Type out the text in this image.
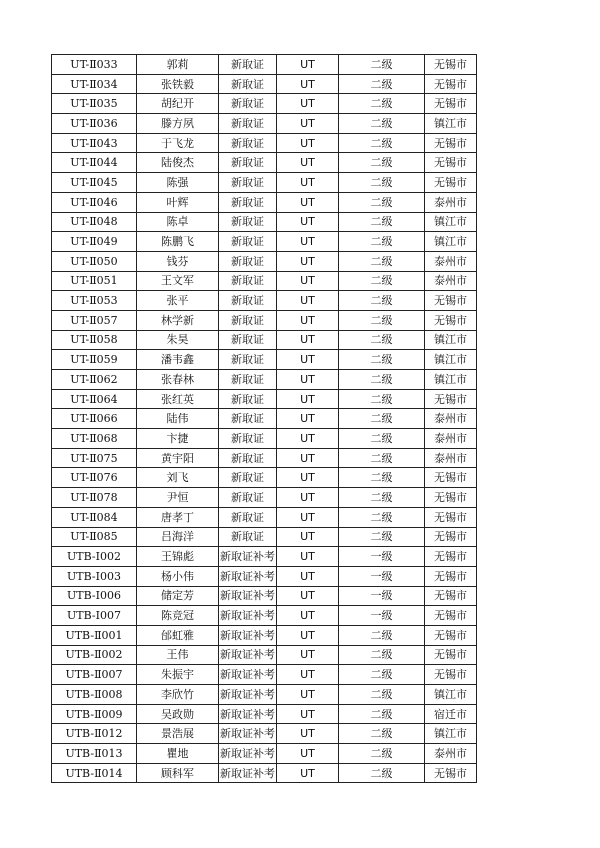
UT-Ⅱ033	郭莉	新取证	UT	二级	无锡市
UT-Ⅱ034	张铁毅	新取证	UT	二级	无锡市
UT-Ⅱ035	胡纪开	新取证	UT	二级	无锡市
UT-Ⅱ036	滕方夙	新取证	UT	二级	镇江市
UT-Ⅱ043	于飞龙	新取证	UT	二级	无锡市
UT-Ⅱ044	陆俊杰	新取证	UT	二级	无锡市
UT-Ⅱ045	陈强	新取证	UT	二级	无锡市
UT-Ⅱ046	叶辉	新取证	UT	二级	泰州市
UT-Ⅱ048	陈卓	新取证	UT	二级	镇江市
UT-Ⅱ049	陈鹏飞	新取证	UT	二级	镇江市
UT-Ⅱ050	钱芬	新取证	UT	二级	泰州市
UT-Ⅱ051	王文军	新取证	UT	二级	泰州市
UT-Ⅱ053	张平	新取证	UT	二级	无锡市
UT-Ⅱ057	林学新	新取证	UT	二级	无锡市
UT-Ⅱ058	朱昊	新取证	UT	二级	镇江市
UT-Ⅱ059	潘韦鑫	新取证	UT	二级	镇江市
UT-Ⅱ062	张春林	新取证	UT	二级	镇江市
UT-Ⅱ064	张红英	新取证	UT	二级	无锡市
UT-Ⅱ066	陆伟	新取证	UT	二级	泰州市
UT-Ⅱ068	卞捷	新取证	UT	二级	泰州市
UT-Ⅱ075	黄宇阳	新取证	UT	二级	泰州市
UT-Ⅱ076	刘飞	新取证	UT	二级	无锡市
UT-Ⅱ078	尹恒	新取证	UT	二级	无锡市
UT-Ⅱ084	唐孝丁	新取证	UT	二级	无锡市
UT-Ⅱ085	吕海洋	新取证	UT	二级	无锡市
UTB-Ⅰ002	王锦彪	新取证补考	UT	一级	无锡市
UTB-Ⅰ003	杨小伟	新取证补考	UT	一级	无锡市
UTB-Ⅰ006	储定芳	新取证补考	UT	一级	无锡市
UTB-Ⅰ007	陈竞冠	新取证补考	UT	一级	无锡市
UTB-Ⅱ001	邰虹雅	新取证补考	UT	二级	无锡市
UTB-Ⅱ002	王伟	新取证补考	UT	二级	无锡市
UTB-Ⅱ007	朱振宇	新取证补考	UT	二级	无锡市
UTB-Ⅱ008	李欣竹	新取证补考	UT	二级	镇江市
UTB-Ⅱ009	吴政勋	新取证补考	UT	二级	宿迁市
UTB-Ⅱ012	景浩展	新取证补考	UT	二级	镇江市
UTB-Ⅱ013	瞿地	新取证补考	UT	二级	泰州市
UTB-Ⅱ014	顾科军	新取证补考	UT	二级	无锡市
